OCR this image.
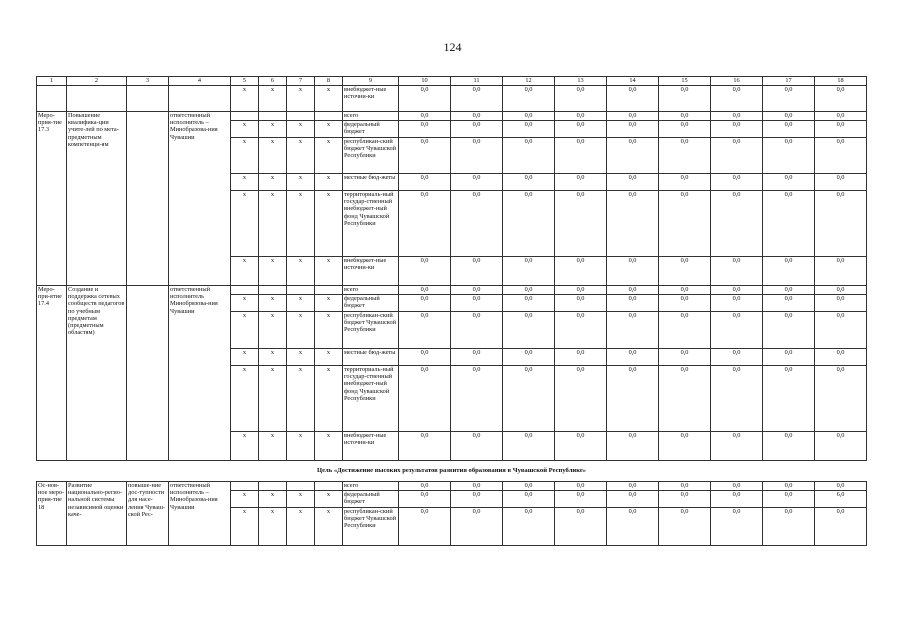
124
1	2	3	4	5	6	7	8	9	10	11	12	13	14	15	16	17	18
				х	х	х	х	внебюджет-ные источни-ки	0,0	0,0	0,0	0,0	0,0	0,0	0,0	0,0	0,0
Меро-прия-тие 17.3	Повышение квалифика-ции учите-лей по мета-предметным компетенци-ям		ответственный исполнитель – Минобразова-ния Чувашии					всего	0,0	0,0	0,0	0,0	0,0	0,0	0,0	0,0	0,0
				х	х	х	х	федеральный бюджет	0,0	0,0	0,0	0,0	0,0	0,0	0,0	0,0	0,0
				х	х	х	х	республикан-ский бюджет Чувашской Республики	0,0	0,0	0,0	0,0	0,0	0,0	0,0	0,0	0,0
				х	х	х	х	местные бюд-жеты	0,0	0,0	0,0	0,0	0,0	0,0	0,0	0,0	0,0
				х	х	х	х	территориаль-ный государ-ственный внебюджет-ный фонд Чувашской Республики	0,0	0,0	0,0	0,0	0,0	0,0	0,0	0,0	0,0
				х	х	х	х	внебюджет-ные источни-ки	0,0	0,0	0,0	0,0	0,0	0,0	0,0	0,0	0,0
Меро-при-ятие 17.4	Создание и поддержка сетевых сообществ педагогов по учебным предметам (предметным областям)		ответственный исполнитель Минобрязова-ния Чувашии					всего	0,0	0,0	0,0	0,0	0,0	0,0	0,0	0,0	0,0
				х	х	х	х	федеральный бюджет	0,0	0,0	0,0	0,0	0,0	0,0	0,0	0,0	0,0
				х	х	х	х	республикан-ский бюджет Чувашской Республики	0,0	0,0	0,0	0,0	0,0	0,0	0,0	0,0	0,0
				х	х	х	х	местные бюд-жеты	0,0	0,0	0,0	0,0	0,0	0,0	0,0	0,0	0,0
				х	х	х	х	территориаль-ный государ-ственный внебюджет-ный фонд Чувашской Республики	0,0	0,0	0,0	0,0	0,0	0,0	0,0	0,0	0,0
				х	х	х	х	внебюджет-ные источни-ки	0,0	0,0	0,0	0,0	0,0	0,0	0,0	0,0	0,0
Цель «Достижение высоких результатов развития образования в Чувашской Республике»																	
Ос-нов-ное меро-прия-тие 18	Развитие национально-регио-нальной системы независимой оценки каче-	повыше-ние дос-тупности для насе-ления Чуваш-ской Рес-	ответственный исполнитель – Минобразова-ния Чувашии					всего	0,0	0,0	0,0	0,0	0,0	0,0	0,0	0,0	0,0
				х	х	х	х	федеральный бюджет	0,0	0,0	0,0	0,0	0,0	0,0	0,0	0,0	6,0
				х	х	х	х	республикан-ский бюджет Чувашской Республики	0,0	0,0	0,0	0,0	0,0	0,0	0,0	0,0	0,0
